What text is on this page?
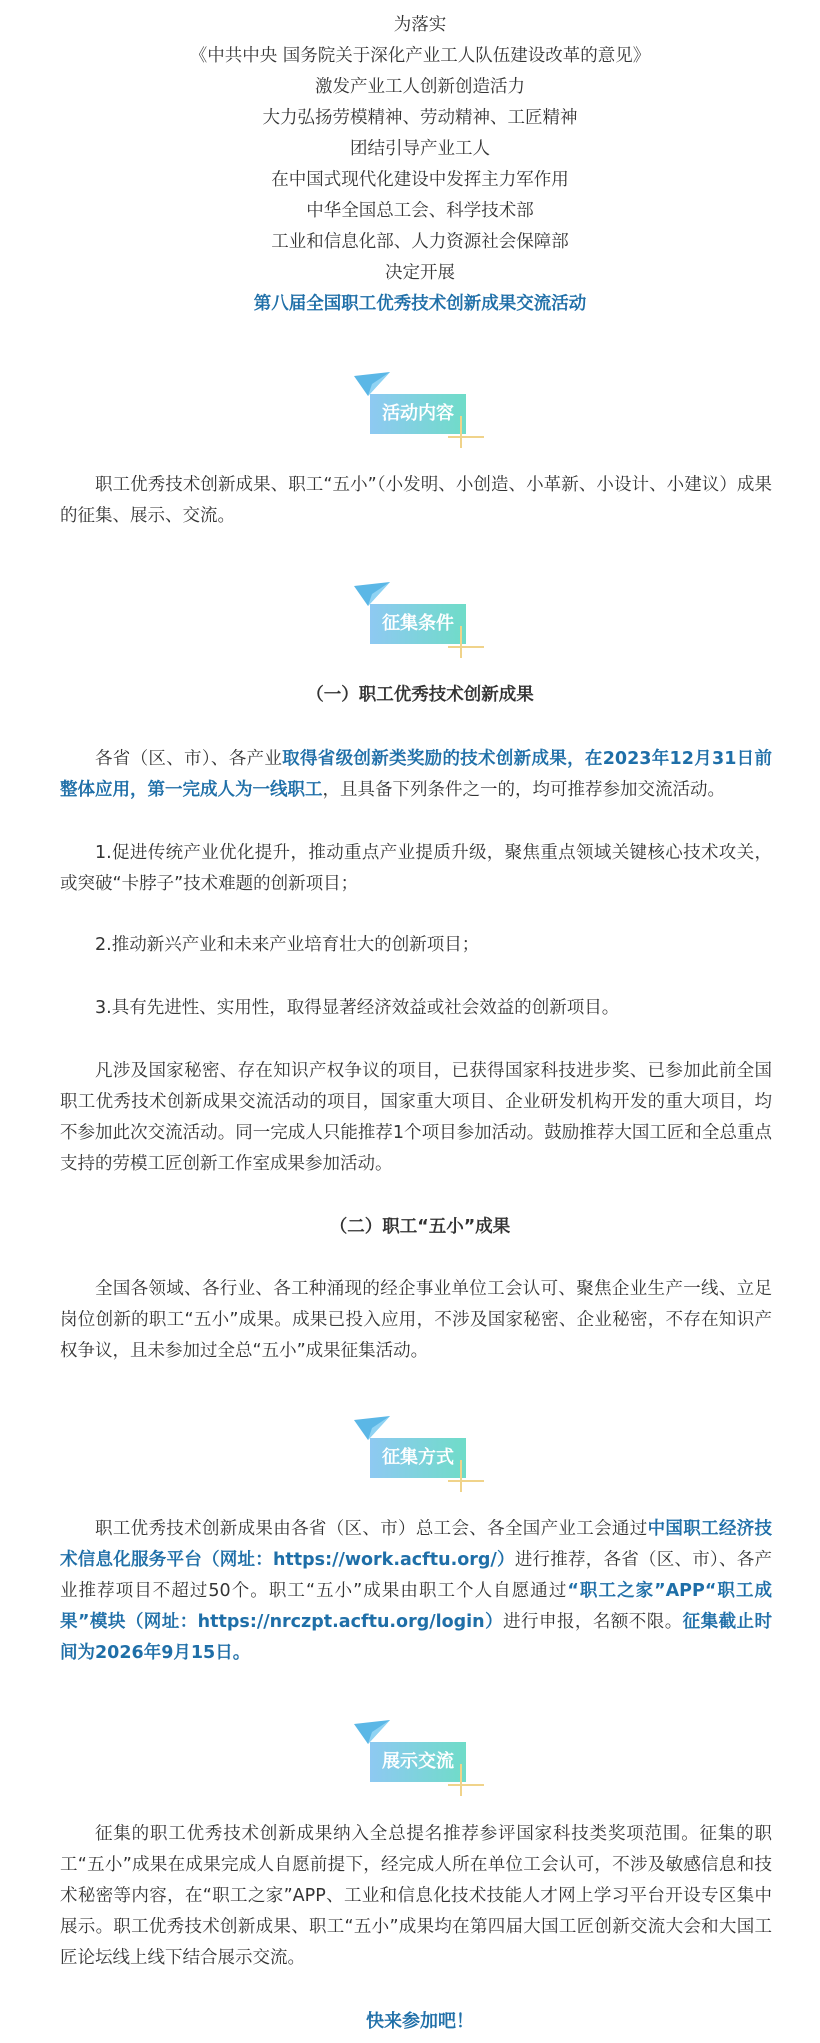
为落实
《中共中央 国务院关于深化产业工人队伍建设改革的意见》
激发产业工人创新创造活力
大力弘扬劳模精神、劳动精神、工匠精神
团结引导产业工人
在中国式现代化建设中发挥主力军作用
中华全国总工会、科学技术部
工业和信息化部、人力资源社会保障部
决定开展
第八届全国职工优秀技术创新成果交流活动
活动内容

职工优秀技术创新成果、职工“五小”（小发明、小创造、小革新、小设计、小建议）成果的征集、展示、交流。

征集条件
（一）职工优秀技术创新成果

各省（区、市）、各产业取得省级创新类奖励的技术创新成果，在2023年12月31日前整体应用，第一完成人为一线职工，且具备下列条件之一的，均可推荐参加交流活动。

1.促进传统产业优化提升，推动重点产业提质升级，聚焦重点领域关键核心技术攻关，或突破“卡脖子”技术难题的创新项目；

2.推动新兴产业和未来产业培育壮大的创新项目；

3.具有先进性、实用性，取得显著经济效益或社会效益的创新项目。

凡涉及国家秘密、存在知识产权争议的项目，已获得国家科技进步奖、已参加此前全国职工优秀技术创新成果交流活动的项目，国家重大项目、企业研发机构开发的重大项目，均不参加此次交流活动。同一完成人只能推荐1个项目参加活动。鼓励推荐大国工匠和全总重点支持的劳模工匠创新工作室成果参加活动。

（二）职工“五小”成果

全国各领域、各行业、各工种涌现的经企事业单位工会认可、聚焦企业生产一线、立足岗位创新的职工“五小”成果。成果已投入应用，不涉及国家秘密、企业秘密，不存在知识产权争议，且未参加过全总“五小”成果征集活动。

征集方式

职工优秀技术创新成果由各省（区、市）总工会、各全国产业工会通过中国职工经济技术信息化服务平台（网址：https://work.acftu.org/）进行推荐，各省（区、市）、各产业推荐项目不超过50个。职工“五小”成果由职工个人自愿通过“职工之家”APP“职工成果”模块（网址：https://nrczpt.acftu.org/login）进行申报，名额不限。征集截止时间为2026年9月15日。

展示交流

征集的职工优秀技术创新成果纳入全总提名推荐参评国家科技类奖项范围。征集的职工“五小”成果在成果完成人自愿前提下，经完成人所在单位工会认可，不涉及敏感信息和技术秘密等内容，在“职工之家”APP、工业和信息化技术技能人才网上学习平台开设专区集中展示。职工优秀技术创新成果、职工“五小”成果均在第四届大国工匠创新交流大会和大国工匠论坛线上线下结合展示交流。

快来参加吧！
